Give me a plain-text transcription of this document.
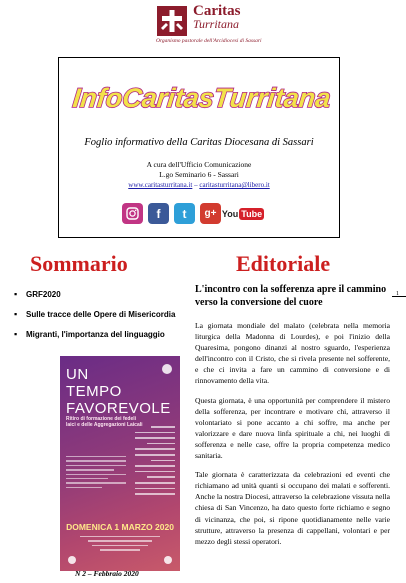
Caritas
Turritana
Organismo pastorale dell'Arcidiocesi di Sassari
InfoCaritasTurritana
Foglio informativo della Caritas Diocesana di Sassari
A cura dell'Ufficio Comunicazione
L.go Seminario 6 - Sassari
www.caritasturritana.it – caritasturritana@libero.it
f	t	g+ You Tube
Sommario	Editoriale
▪ GRF2020
▪ Sulle tracce delle Opere di Misericordia
▪ Migranti, l'importanza del linguaggio
UN
TEMPO
FAVOREVOLE
Ritiro di formazione dei fedeli laici e delle Aggregazioni Laicali
DOMENICA 1 MARZO 2020
N 2 – Febbraio 2020
L'incontro con la sofferenza apre il cammino verso la conversione del cuore
1

La giornata mondiale del malato (celebrata nella memoria liturgica della Madonna di Lourdes), e poi l'inizio della Quaresima, pongono dinanzi al nostro sguardo, l'esperienza dell'incontro con il Cristo, che si rivela presente nel sofferente, e che ci invita a fare un cammino di conversione e di rinnovamento della vita.

Questa giornata, è una opportunità per comprendere il mistero della sofferenza, per incontrare e motivare chi, attraverso il volontariato si pone accanto a chi soffre, ma anche per valorizzare e dare nuova linfa spirituale a chi, nei luoghi di sofferenza e nelle case, offre la propria competenza medico sanitaria.

Tale giornata è caratterizzata da celebrazioni ed eventi che richiamano ad unità quanti si occupano dei malati e sofferenti. Anche la nostra Diocesi, attraverso la celebrazione vissuta nella chiesa di San Vincenzo, ha dato questo forte richiamo e segno di vicinanza, che poi, si ripone quotidianamente nelle varie strutture, attraverso la presenza di cappellani, volontari e per mezzo degli stessi operatori.
